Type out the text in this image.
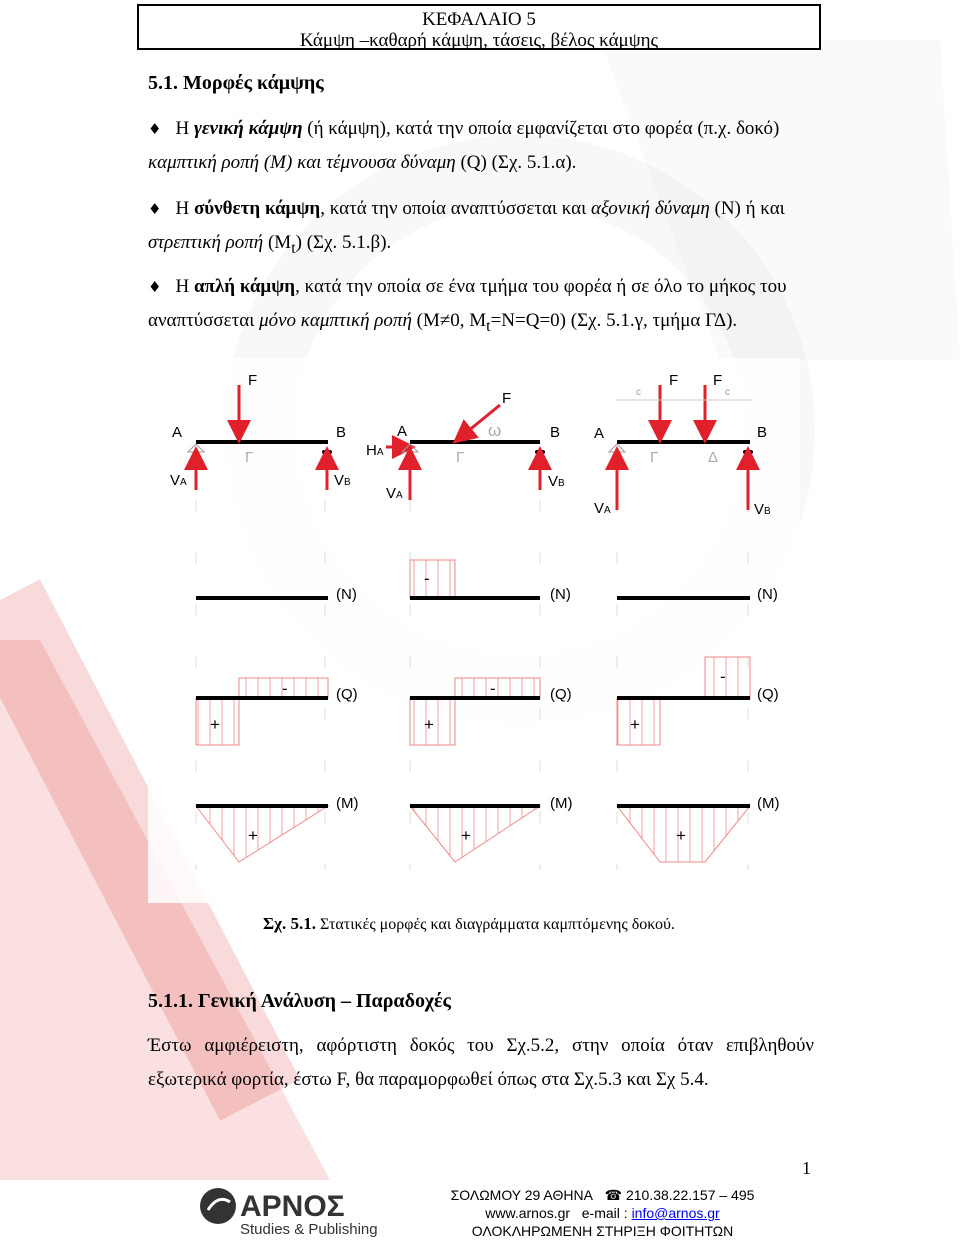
ΚΕΦΑΛΑΙΟ 5
Κάμψη –καθαρή κάμψη, τάσεις, βέλος κάμψης
5.1. Μορφές κάμψης
♦ Η γενική κάμψη (ή κάμψη), κατά την οποία εμφανίζεται στο φορέα (π.χ. δοκό)
καμπτική ροπή (Μ) και τέμνουσα δύναμη (Q) (Σχ. 5.1.α).
♦ Η σύνθετη κάμψη, κατά την οποία αναπτύσσεται και αξονική δύναμη (Ν) ή και
στρεπτική ροπή $(M_t)$ (Σχ. 5.1.β).
♦ Η απλή κάμψη, κατά την οποία σε ένα τμήμα του φορέα ή σε όλο το μήκος του
αναπτύσσεται μόνο καμπτική ροπή (Μ≠0, $M_t=N=Q=0$) (Σχ. 5.1.γ, τμήμα ΓΔ).
F
A	B
VA	VB
Γ
F
ω
A	B
HA
VA
VB
Γ
F F
c	c
A	B
VA	VB
Γ	Δ
(N)
-
(N)	(N)
-
+
(Q)	-
+
(Q)
-
+
(Q)
+
(M)
+
(M)
+
(M)
Σχ. 5.1. Στατικές μορφές και διαγράμματα καμπτόμενης δοκού.
5.1.1. Γενική Ανάλυση – Παραδοχές
Έστω αμφιέρειστη, αφόρτιστη δοκός του Σχ.5.2, στην οποία όταν επιβληθούν
εξωτερικά φορτία, έστω F, θα παραμορφωθεί όπως στα Σχ.5.3 και Σχ 5.4.
1
ΑΡΝΟΣ
Studies & Publishing
ΣΟΛΩΜΟΥ 29 ΑΘΗΝΑ ☎ 210.38.22.157 – 495
www.arnos.gr e-mail : info@arnos.gr
ΟΛΟΚΛΗΡΩΜΕΝΗ ΣΤΗΡΙΞΗ ΦΟΙΤΗΤΩΝ
